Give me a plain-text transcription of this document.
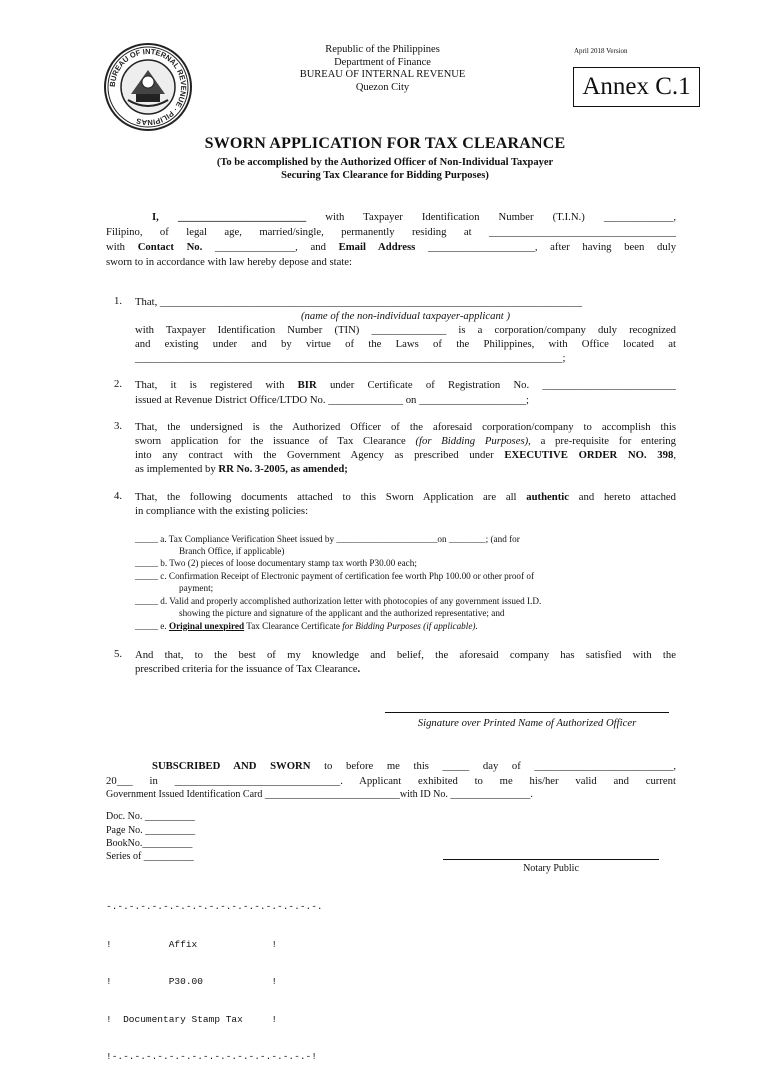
BUREAU OF INTERNAL REVENUE · PILIPINAS
Republic of the Philippines
Department of Finance
BUREAU OF INTERNAL REVENUE
Quezon City
April 2018 Version
Annex C.1
SWORN APPLICATION FOR TAX CLEARANCE
(To be accomplished by the Authorized Officer of Non-Individual Taxpayer
Securing Tax Clearance for Bidding Purposes)
I, ________________________ with Taxpayer Identification Number (T.I.N.) _____________,
Filipino, of legal age, married/single, permanently residing at ___________________________________
with Contact No. _______________, and Email Address ____________________, after having been duly
sworn to in accordance with law hereby depose and state:
1. That, _______________________________________________________________________________
(name of the non-individual taxpayer-applicant )
with Taxpayer Identification Number (TIN) ______________ is a corporation/company duly recognized
and existing under and by virtue of the Laws of the Philippines, with Office located at
________________________________________________________________________________;
2. That, it is registered with BIR under Certificate of Registration No. _________________________
issued at Revenue District Office/LTDO No. ______________ on ____________________;
3. That, the undersigned is the Authorized Officer of the aforesaid corporation/company to accomplish this
sworn application for the issuance of Tax Clearance (for Bidding Purposes), a pre-requisite for entering
into any contract with the Government Agency as prescribed under EXECUTIVE ORDER NO. 398,
as implemented by RR No. 3-2005, as amended;
4. That, the following documents attached to this Sworn Application are all authentic and hereto attached
in compliance with the existing policies:
_____ a. Tax Compliance Verification Sheet issued by ______________________on ________; (and for
Branch Office, if applicable)
_____ b. Two (2) pieces of loose documentary stamp tax worth P30.00 each;
_____ c. Confirmation Receipt of Electronic payment of certification fee worth Php 100.00 or other proof of
payment;
_____ d. Valid and properly accomplished authorization letter with photocopies of any government issued I.D.
showing the picture and signature of the applicant and the authorized representative; and
_____ e. Original unexpired Tax Clearance Certificate for Bidding Purposes (if applicable).
5. And that, to the best of my knowledge and belief, the aforesaid company has satisfied with the
prescribed criteria for the issuance of Tax Clearance.
Signature over Printed Name of Authorized Officer
SUBSCRIBED AND SWORN to before me this _____ day of __________________________,
20___ in _______________________________. Applicant exhibited to me his/her valid and current
Government Issued Identification Card ___________________________with ID No. ________________.
Doc. No. __________
Page No. __________
BookNo.__________
Series of __________
Notary Public

-.-.-.-.-.-.-.-.-.-.-.-.-.-.-.-.-.-.-.

!          Affix             !

!          P30.00            !

!  Documentary Stamp Tax     !

!-.-.-.-.-.-.-.-.-.-.-.-.-.-.-.-.-.-!
